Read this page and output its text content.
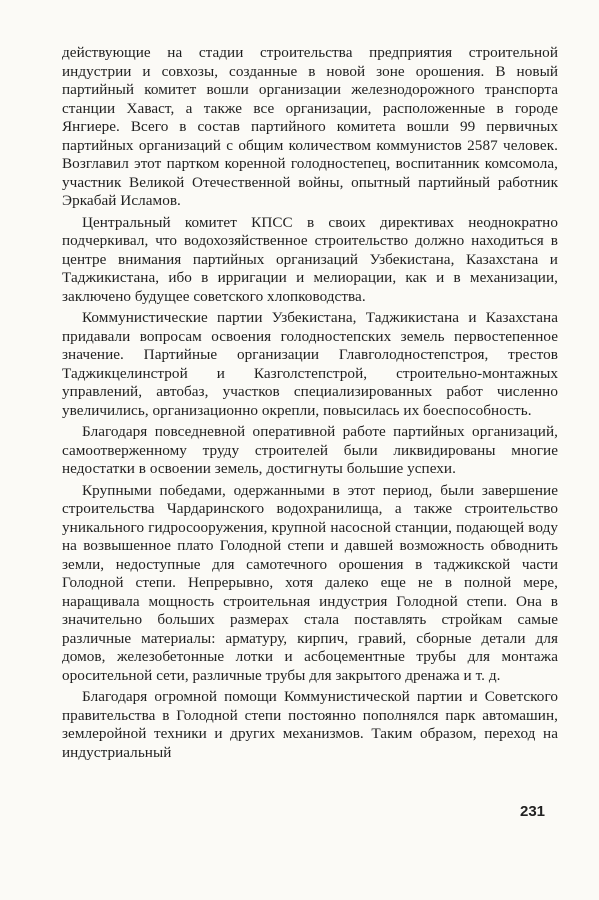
действующие на стадии строительства предприятия строительной индустрии и совхозы, созданные в новой зоне орошения. В новый партийный комитет вошли организации железнодорожного транспорта станции Хаваст, а также все организации, расположенные в городе Янгиере. Всего в состав партийного комитета вошли 99 первичных партийных организаций с общим количеством коммунистов 2587 человек. Возглавил этот партком коренной голодностепец, воспитанник комсомола, участник Великой Отечественной войны, опытный партийный работник Эркабай Исламов.

Центральный комитет КПСС в своих директивах неоднократно подчеркивал, что водохозяйственное строительство должно находиться в центре внимания партийных организаций Узбекистана, Казахстана и Таджикистана, ибо в ирригации и мелиорации, как и в механизации, заключено будущее советского хлопководства.

Коммунистические партии Узбекистана, Таджикистана и Казахстана придавали вопросам освоения голодностепских земель первостепенное значение. Партийные организации Главголодностепстроя, трестов Таджикцелинстрой и Казголстепстрой, строительно-монтажных управлений, автобаз, участков специализированных работ численно увеличились, организационно окрепли, повысилась их боеспособность.

Благодаря повседневной оперативной работе партийных организаций, самоотверженному труду строителей были ликвидированы многие недостатки в освоении земель, достигнуты большие успехи.

Крупными победами, одержанными в этот период, были завершение строительства Чардаринского водохранилища, а также строительство уникального гидросооружения, крупной насосной станции, подающей воду на возвышенное плато Голодной степи и давшей возможность обводнить земли, недоступные для самотечного орошения в таджикской части Голодной степи. Непрерывно, хотя далеко еще не в полной мере, наращивала мощность строительная индустрия Голодной степи. Она в значительно больших размерах стала поставлять стройкам самые различные материалы: арматуру, кирпич, гравий, сборные детали для домов, железобетонные лотки и асбоцементные трубы для монтажа оросительной сети, различные трубы для закрытого дренажа и т. д.

Благодаря огромной помощи Коммунистической партии и Советского правительства в Голодной степи постоянно пополнялся парк автомашин, землеройной техники и других механизмов. Таким образом, переход на индустриальный

231
